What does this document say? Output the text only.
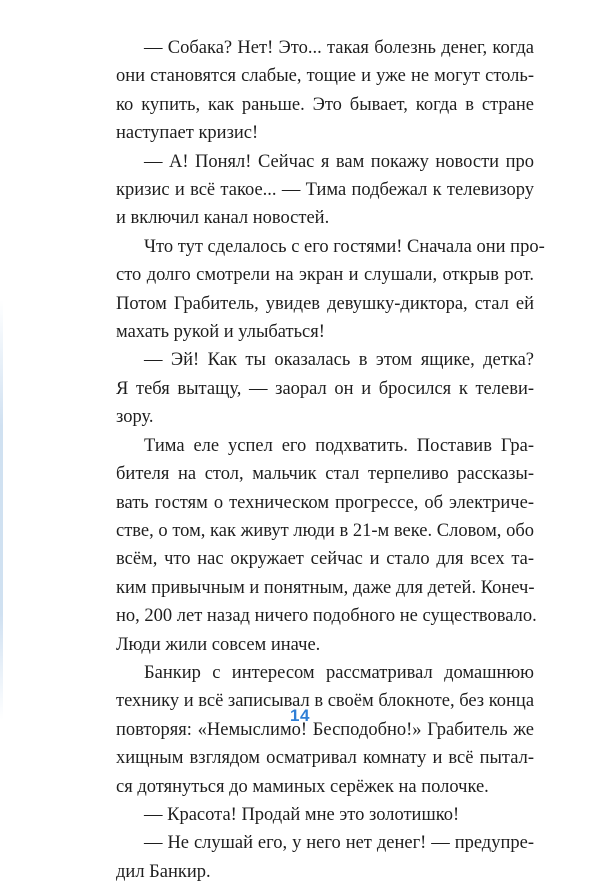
— Собака? Нет! Это... такая болезнь денег, когда
они становятся слабые, тощие и уже не могут столь-
ко купить, как раньше. Это бывает, когда в стране
наступает кризис!
— А! Понял! Сейчас я вам покажу новости про
кризис и всё такое... — Тима подбежал к телевизору
и включил канал новостей.
Что тут сделалось с его гостями! Сначала они про-
сто долго смотрели на экран и слушали, открыв рот.
Потом Грабитель, увидев девушку-диктора, стал ей
махать рукой и улыбаться!
— Эй! Как ты оказалась в этом ящике, детка?
Я тебя вытащу, — заорал он и бросился к телеви-
зору.
Тима еле успел его подхватить. Поставив Гра-
бителя на стол, мальчик стал терпеливо рассказы-
вать гостям о техническом прогрессе, об электриче-
стве, о том, как живут люди в 21-м веке. Словом, обо
всём, что нас окружает сейчас и стало для всех та-
ким привычным и понятным, даже для детей. Конеч-
но, 200 лет назад ничего подобного не существовало.
Люди жили совсем иначе.
Банкир с интересом рассматривал домашнюю
технику и всё записывал в своём блокноте, без конца
повторяя: «Немыслимо! Бесподобно!» Грабитель же
хищным взглядом осматривал комнату и всё пытал-
ся дотянуться до маминых серёжек на полочке.
— Красота! Продай мне это золотишко!
— Не слушай его, у него нет денег! — предупре-
дил Банкир.
14
